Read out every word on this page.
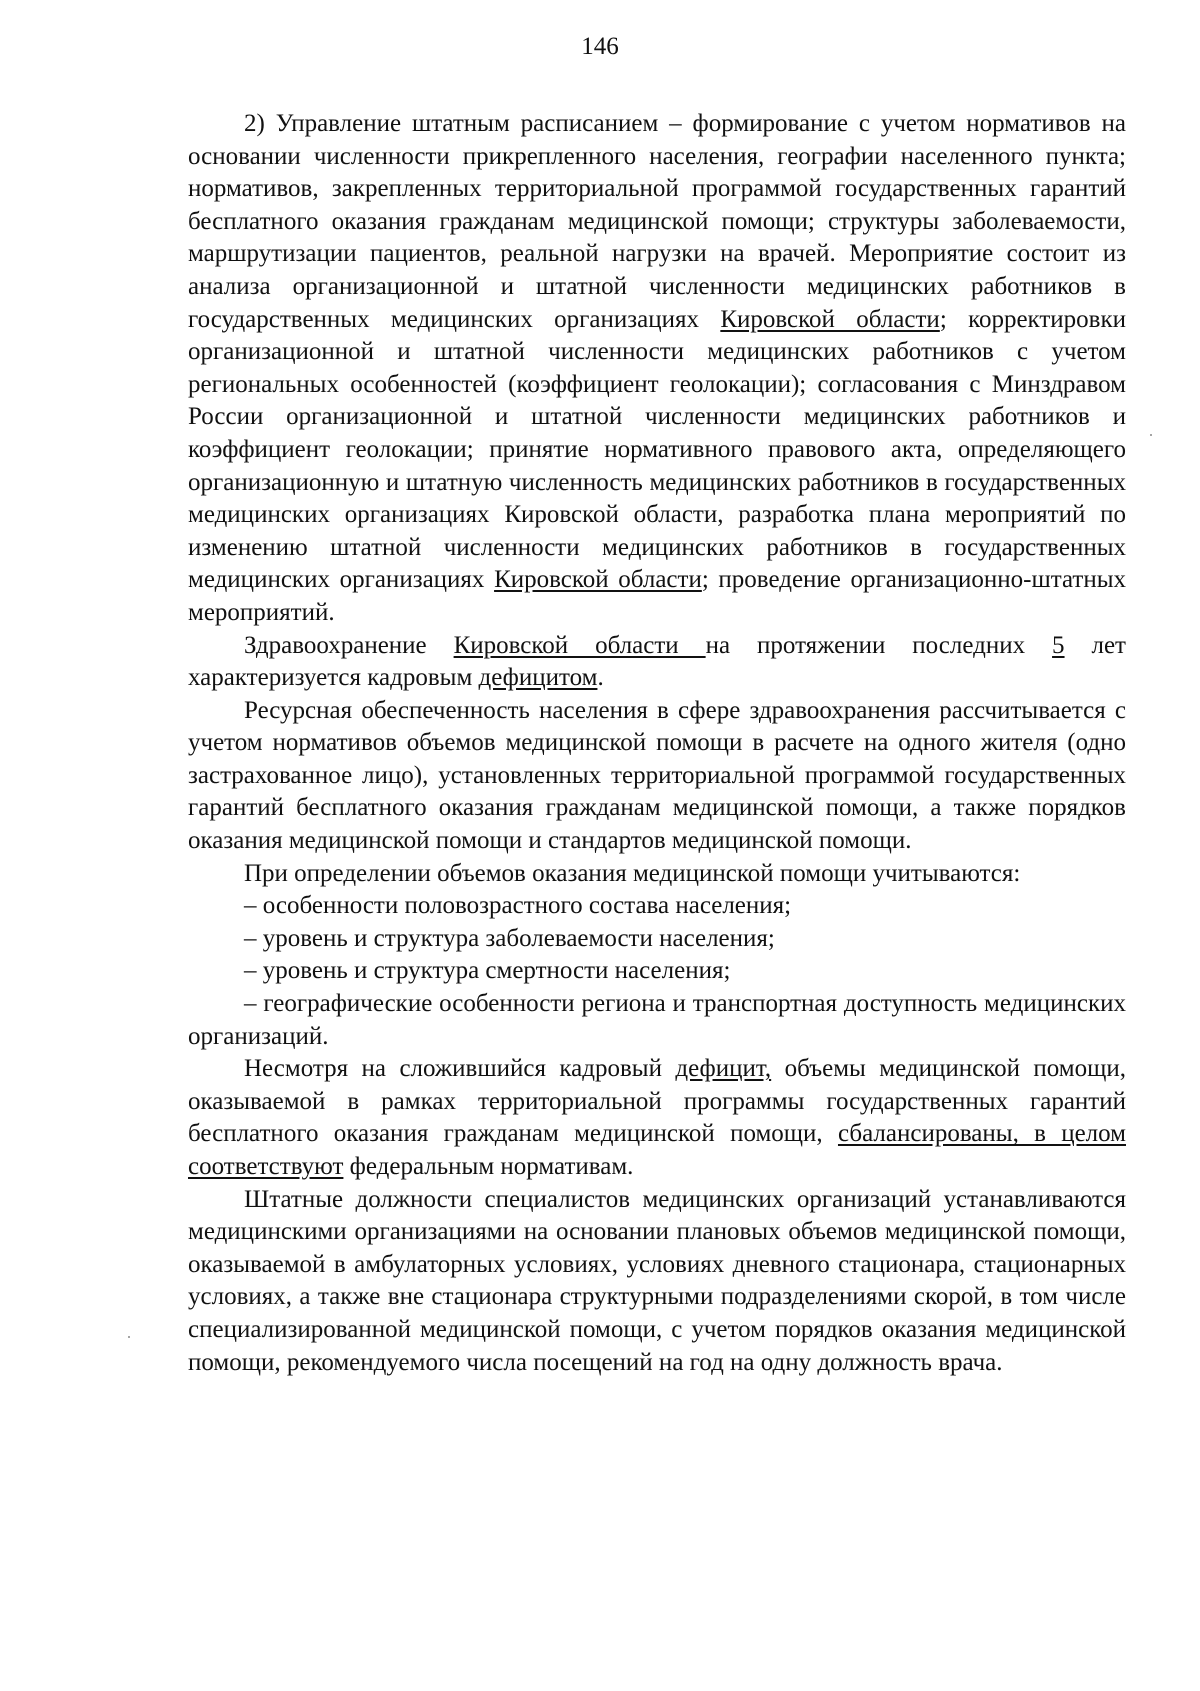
146

2) Управление штатным расписанием – формирование с учетом нормативов на основании численности прикрепленного населения, географии населенного пункта; нормативов, закрепленных территориальной программой государственных гарантий бесплатного оказания гражданам медицинской помощи; структуры заболеваемости, маршрутизации пациентов, реальной нагрузки на врачей. Мероприятие состоит из анализа организационной и штатной численности медицинских работников в государственных медицинских организациях Кировской области; корректировки организационной и штатной численности медицинских работников с учетом региональных особенностей (коэффициент геолокации); согласования с Минздравом России организационной и штатной численности медицинских работников и коэффициент геолокации; принятие нормативного правового акта, определяющего организационную и штатную численность медицинских работников в государственных медицинских организациях Кировской области, разработка плана мероприятий по изменению штатной численности медицинских работников в государственных медицинских организациях Кировской области; проведение организационно-штатных мероприятий.

Здравоохранение Кировской области на протяжении последних 5 лет характеризуется кадровым дефицитом.

Ресурсная обеспеченность населения в сфере здравоохранения рассчитывается с учетом нормативов объемов медицинской помощи в расчете на одного жителя (одно застрахованное лицо), установленных территориальной программой государственных гарантий бесплатного оказания гражданам медицинской помощи, а также порядков оказания медицинской помощи и стандартов медицинской помощи.

При определении объемов оказания медицинской помощи учитываются:

– особенности половозрастного состава населения;

– уровень и структура заболеваемости населения;

– уровень и структура смертности населения;

– географические особенности региона и транспортная доступность медицинских организаций.

Несмотря на сложившийся кадровый дефицит, объемы медицинской помощи, оказываемой в рамках территориальной программы государственных гарантий бесплатного оказания гражданам медицинской помощи, сбалансированы, в целом соответствуют федеральным нормативам.

Штатные должности специалистов медицинских организаций устанавливаются медицинскими организациями на основании плановых объемов медицинской помощи, оказываемой в амбулаторных условиях, условиях дневного стационара, стационарных условиях, а также вне стационара структурными подразделениями скорой, в том числе специализированной медицинской помощи, с учетом порядков оказания медицинской помощи, рекомендуемого числа посещений на год на одну должность врача.
